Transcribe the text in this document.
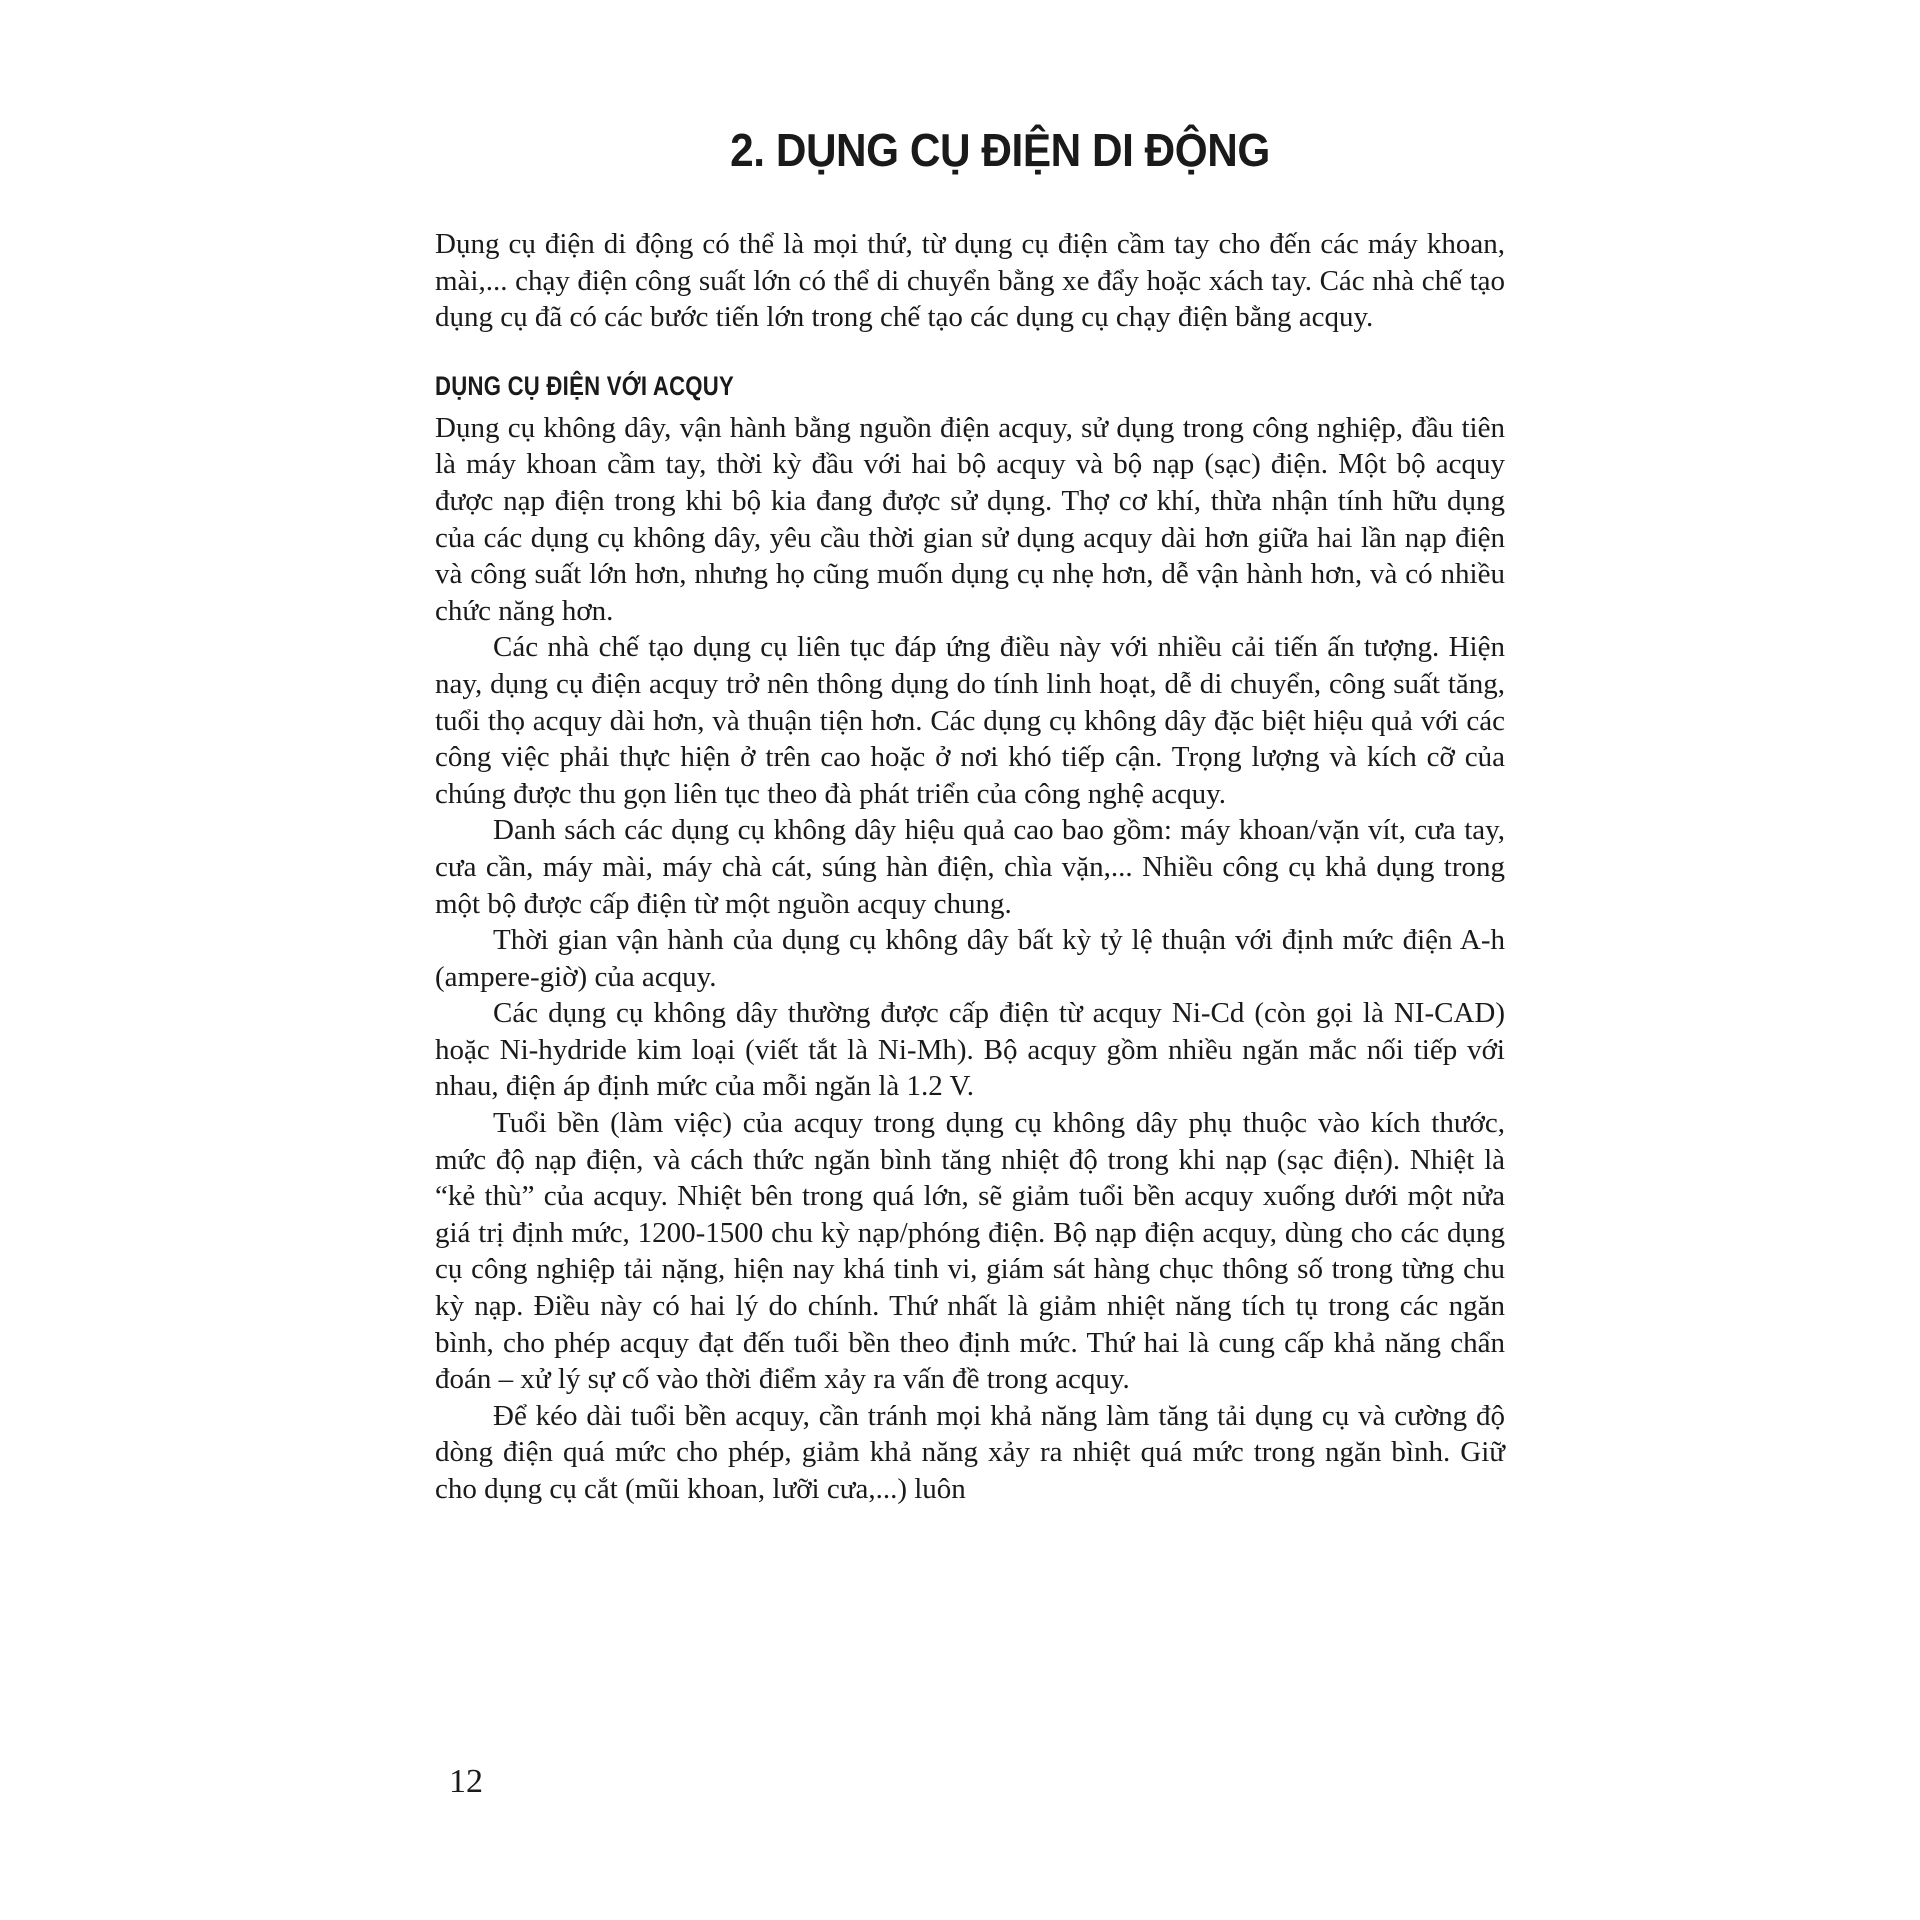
2. DỤNG CỤ ĐIỆN DI ĐỘNG

Dụng cụ điện di động có thể là mọi thứ, từ dụng cụ điện cầm tay cho đến các máy khoan, mài,... chạy điện công suất lớn có thể di chuyển bằng xe đẩy hoặc xách tay. Các nhà chế tạo dụng cụ đã có các bước tiến lớn trong chế tạo các dụng cụ chạy điện bằng acquy.

DỤNG CỤ ĐIỆN VỚI ACQUY

Dụng cụ không dây, vận hành bằng nguồn điện acquy, sử dụng trong công nghiệp, đầu tiên là máy khoan cầm tay, thời kỳ đầu với hai bộ acquy và bộ nạp (sạc) điện. Một bộ acquy được nạp điện trong khi bộ kia đang được sử dụng. Thợ cơ khí, thừa nhận tính hữu dụng của các dụng cụ không dây, yêu cầu thời gian sử dụng acquy dài hơn giữa hai lần nạp điện và công suất lớn hơn, nhưng họ cũng muốn dụng cụ nhẹ hơn, dễ vận hành hơn, và có nhiều chức năng hơn.

Các nhà chế tạo dụng cụ liên tục đáp ứng điều này với nhiều cải tiến ấn tượng. Hiện nay, dụng cụ điện acquy trở nên thông dụng do tính linh hoạt, dễ di chuyển, công suất tăng, tuổi thọ acquy dài hơn, và thuận tiện hơn. Các dụng cụ không dây đặc biệt hiệu quả với các công việc phải thực hiện ở trên cao hoặc ở nơi khó tiếp cận. Trọng lượng và kích cỡ của chúng được thu gọn liên tục theo đà phát triển của công nghệ acquy.

Danh sách các dụng cụ không dây hiệu quả cao bao gồm: máy khoan/vặn vít, cưa tay, cưa cần, máy mài, máy chà cát, súng hàn điện, chìa vặn,... Nhiều công cụ khả dụng trong một bộ được cấp điện từ một nguồn acquy chung.

Thời gian vận hành của dụng cụ không dây bất kỳ tỷ lệ thuận với định mức điện A-h (ampere-giờ) của acquy.

Các dụng cụ không dây thường được cấp điện từ acquy Ni-Cd (còn gọi là NI-CAD) hoặc Ni-hydride kim loại (viết tắt là Ni-Mh). Bộ acquy gồm nhiều ngăn mắc nối tiếp với nhau, điện áp định mức của mỗi ngăn là 1.2 V.

Tuổi bền (làm việc) của acquy trong dụng cụ không dây phụ thuộc vào kích thước, mức độ nạp điện, và cách thức ngăn bình tăng nhiệt độ trong khi nạp (sạc điện). Nhiệt là “kẻ thù” của acquy. Nhiệt bên trong quá lớn, sẽ giảm tuổi bền acquy xuống dưới một nửa giá trị định mức, 1200-1500 chu kỳ nạp/phóng điện. Bộ nạp điện acquy, dùng cho các dụng cụ công nghiệp tải nặng, hiện nay khá tinh vi, giám sát hàng chục thông số trong từng chu kỳ nạp. Điều này có hai lý do chính. Thứ nhất là giảm nhiệt năng tích tụ trong các ngăn bình, cho phép acquy đạt đến tuổi bền theo định mức. Thứ hai là cung cấp khả năng chẩn đoán – xử lý sự cố vào thời điểm xảy ra vấn đề trong acquy.

Để kéo dài tuổi bền acquy, cần tránh mọi khả năng làm tăng tải dụng cụ và cường độ dòng điện quá mức cho phép, giảm khả năng xảy ra nhiệt quá mức trong ngăn bình. Giữ cho dụng cụ cắt (mũi khoan, lưỡi cưa,...) luôn

12
